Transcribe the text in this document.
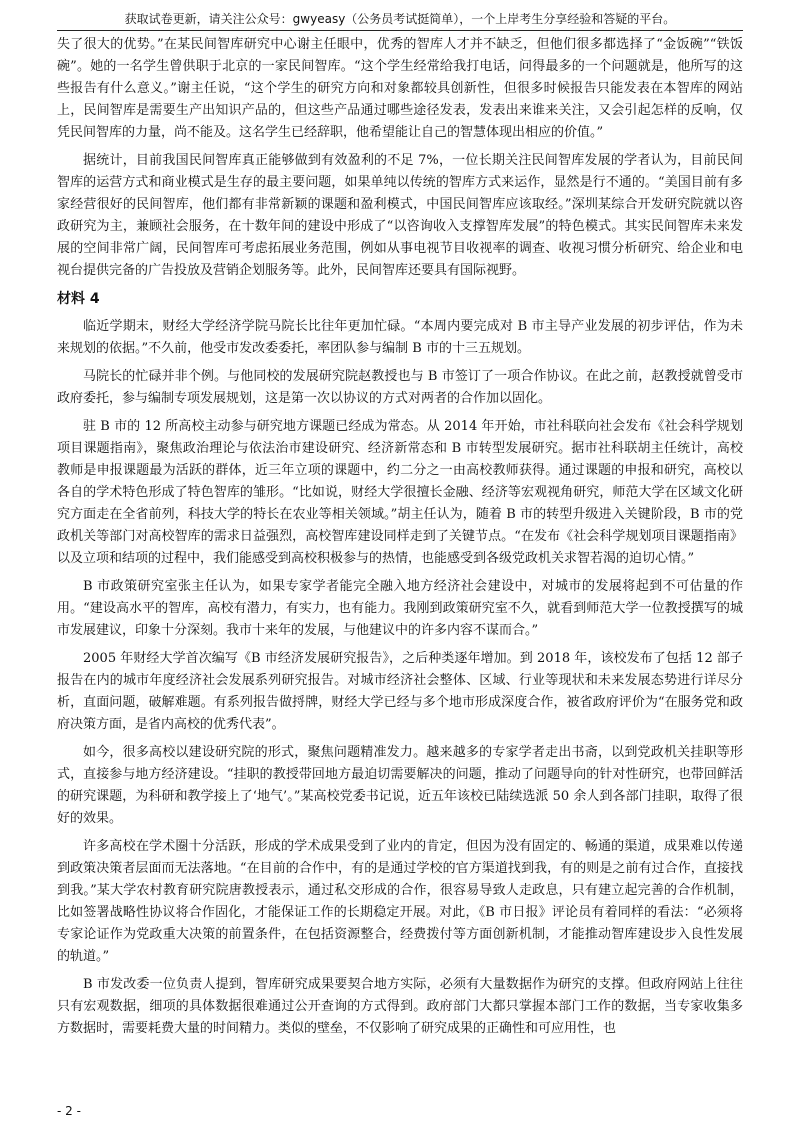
获取试卷更新，请关注公众号：gwyeasy（公务员考试挺简单），一个上岸考生分享经验和答疑的平台。

失了很大的优势。”在某民间智库研究中心谢主任眼中，优秀的智库人才并不缺乏，但他们很多都选择了“金饭碗”“铁饭碗”。她的一名学生曾供职于北京的一家民间智库。“这个学生经常给我打电话，问得最多的一个问题就是，他所写的这些报告有什么意义。”谢主任说，“这个学生的研究方向和对象都较具创新性，但很多时候报告只能发表在本智库的网站上，民间智库是需要生产出知识产品的，但这些产品通过哪些途径发表，发表出来谁来关注，又会引起怎样的反响，仅凭民间智库的力量，尚不能及。这名学生已经辞职，他希望能让自己的智慧体现出相应的价值。”

据统计，目前我国民间智库真正能够做到有效盈利的不足 7%，一位长期关注民间智库发展的学者认为，目前民间智库的运营方式和商业模式是生存的最主要问题，如果单纯以传统的智库方式来运作，显然是行不通的。“美国目前有多家经营很好的民间智库，他们都有非常新颖的课题和盈利模式，中国民间智库应该取经。”深圳某综合开发研究院就以咨政研究为主，兼顾社会服务，在十数年间的建设中形成了“以咨询收入支撑智库发展”的特色模式。其实民间智库未来发展的空间非常广阔，民间智库可考虑拓展业务范围，例如从事电视节目收视率的调查、收视习惯分析研究、给企业和电视台提供完备的广告投放及营销企划服务等。此外，民间智库还要具有国际视野。

材料 4

临近学期末，财经大学经济学院马院长比往年更加忙碌。“本周内要完成对 B 市主导产业发展的初步评估，作为未来规划的依据。”不久前，他受市发改委委托，率团队参与编制 B 市的十三五规划。

马院长的忙碌并非个例。与他同校的发展研究院赵教授也与 B 市签订了一项合作协议。在此之前，赵教授就曾受市政府委托，参与编制专项发展规划，这是第一次以协议的方式对两者的合作加以固化。

驻 B 市的 12 所高校主动参与研究地方课题已经成为常态。从 2014 年开始，市社科联向社会发布《社会科学规划项目课题指南》，聚焦政治理论与依法治市建设研究、经济新常态和 B 市转型发展研究。据市社科联胡主任统计，高校教师是申报课题最为活跃的群体，近三年立项的课题中，约二分之一由高校教师获得。通过课题的申报和研究，高校以各自的学术特色形成了特色智库的雏形。“比如说，财经大学很擅长金融、经济等宏观视角研究，师范大学在区域文化研究方面走在全省前列，科技大学的特长在农业等相关领域。”胡主任认为，随着 B 市的转型升级进入关键阶段，B 市的党政机关等部门对高校智库的需求日益强烈，高校智库建设同样走到了关键节点。“在发布《社会科学规划项目课题指南》以及立项和结项的过程中，我们能感受到高校积极参与的热情，也能感受到各级党政机关求智若渴的迫切心情。”

B 市政策研究室张主任认为，如果专家学者能完全融入地方经济社会建设中，对城市的发展将起到不可估量的作用。“建设高水平的智库，高校有潜力，有实力，也有能力。我刚到政策研究室不久，就看到师范大学一位教授撰写的城市发展建议，印象十分深刻。我市十来年的发展，与他建议中的许多内容不谋而合。”

2005 年财经大学首次编写《B 市经济发展研究报告》，之后种类逐年增加。到 2018 年，该校发布了包括 12 部子报告在内的城市年度经济社会发展系列研究报告。对城市经济社会整体、区域、行业等现状和未来发展态势进行详尽分析，直面问题，破解难题。有系列报告做捋牌，财经大学已经与多个地市形成深度合作，被省政府评价为“在服务党和政府决策方面，是省内高校的优秀代表”。

如今，很多高校以建设研究院的形式，聚焦问题精准发力。越来越多的专家学者走出书斋，以到党政机关挂职等形式，直接参与地方经济建设。“挂职的教授带回地方最迫切需要解决的问题，推动了问题导向的针对性研究，也带回鲜活的研究课题，为科研和教学接上了‘地气’。”某高校党委书记说，近五年该校已陆续选派 50 余人到各部门挂职，取得了很好的效果。

许多高校在学术圈十分活跃，形成的学术成果受到了业内的肯定，但因为没有固定的、畅通的渠道，成果难以传递到政策决策者层面而无法落地。“在目前的合作中，有的是通过学校的官方渠道找到我，有的则是之前有过合作，直接找到我。”某大学农村教育研究院唐教授表示，通过私交形成的合作，很容易导致人走政息，只有建立起完善的合作机制，比如签署战略性协议将合作固化，才能保证工作的长期稳定开展。对此，《B 市日报》评论员有着同样的看法：“必须将专家论证作为党政重大决策的前置条件，在包括资源整合，经费拨付等方面创新机制，才能推动智库建设步入良性发展的轨道。”

B 市发改委一位负责人提到，智库研究成果要契合地方实际，必须有大量数据作为研究的支撑。但政府网站上往往只有宏观数据，细项的具体数据很难通过公开查询的方式得到。政府部门大都只掌握本部门工作的数据，当专家收集多方数据时，需要耗费大量的时间精力。类似的壁垒，不仅影响了研究成果的正确性和可应用性，也

- 2 -
